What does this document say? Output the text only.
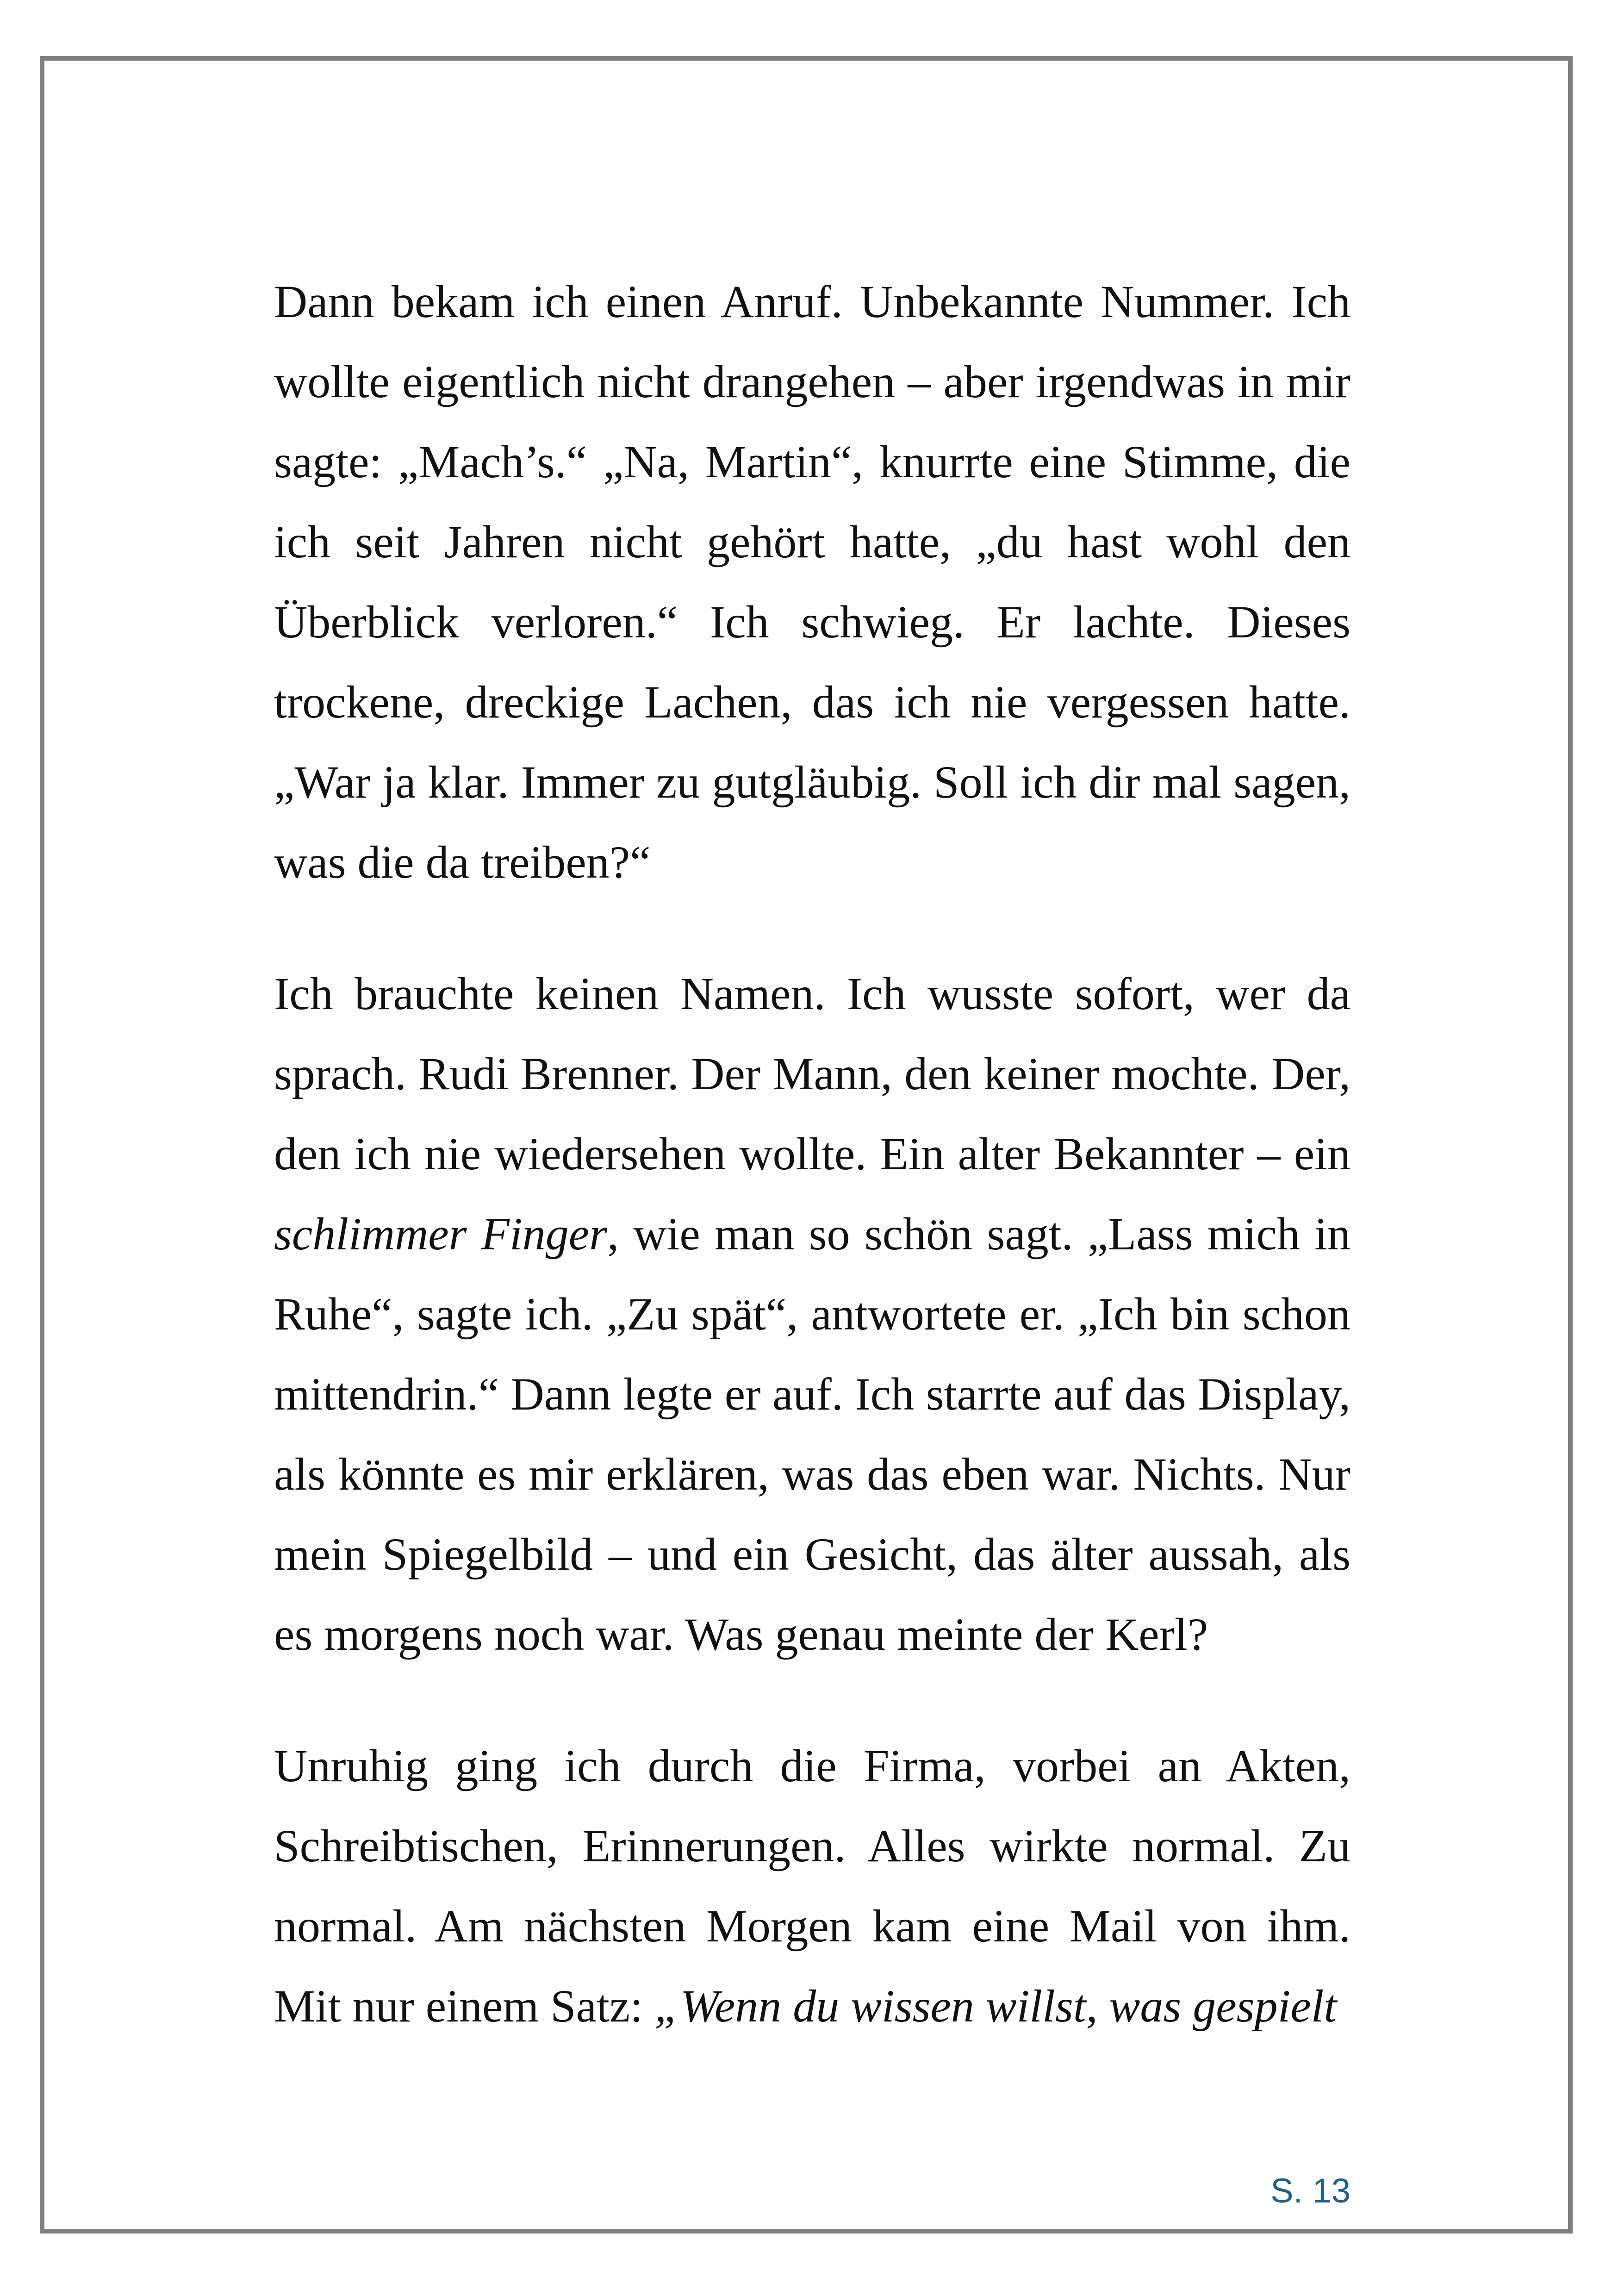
Dann bekam ich einen Anruf. Unbekannte Nummer. Ich wollte eigentlich nicht drangehen – aber irgendwas in mir sagte: „Mach’s.“ „Na, Martin“, knurrte eine Stimme, die ich seit Jahren nicht gehört hatte, „du hast wohl den Überblick verloren.“ Ich schwieg. Er lachte. Dieses trockene, dreckige Lachen, das ich nie vergessen hatte. „War ja klar. Immer zu gutgläubig. Soll ich dir mal sagen, was die da treiben?“

Ich brauchte keinen Namen. Ich wusste sofort, wer da sprach. Rudi Brenner. Der Mann, den keiner mochte. Der, den ich nie wiedersehen wollte. Ein alter Bekannter – ein schlimmer Finger, wie man so schön sagt. „Lass mich in Ruhe“, sagte ich. „Zu spät“, antwortete er. „Ich bin schon mittendrin.“ Dann legte er auf. Ich starrte auf das Display, als könnte es mir erklären, was das eben war. Nichts. Nur mein Spiegelbild – und ein Gesicht, das älter aussah, als es morgens noch war. Was genau meinte der Kerl?

Unruhig ging ich durch die Firma, vorbei an Akten, Schreibtischen, Erinnerungen. Alles wirkte normal. Zu normal. Am nächsten Morgen kam eine Mail von ihm. Mit nur einem Satz: „Wenn du wissen willst, was gespielt

S. 13
